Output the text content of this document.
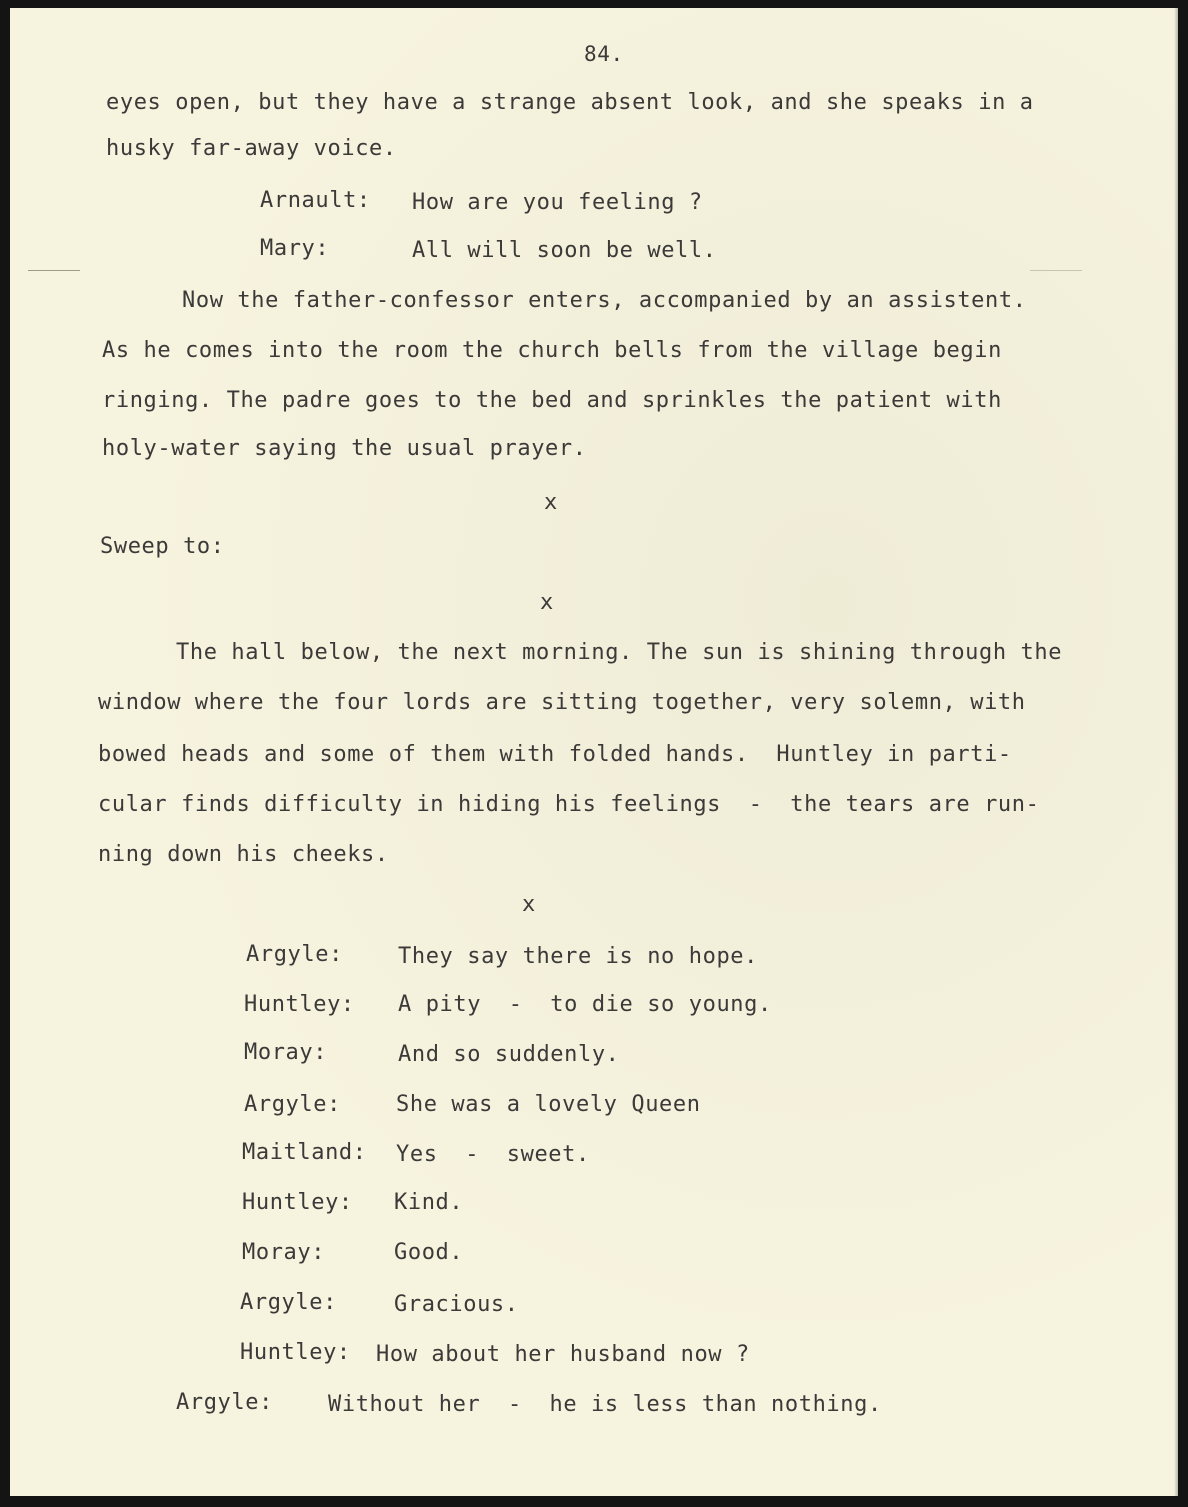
84.
eyes open, but they have a strange absent look, and she speaks in a
husky far-away voice.

Arnault:

How are you feeling ?

Mary:

	All will soon be well.

Now the father-confessor enters, accompanied by an assistent.
As he comes into the room the church bells from the village begin
ringing. The padre goes to the bed and sprinkles the patient with
holy-water saying the usual prayer.
x
Sweep to:
x
The hall below, the next morning. The sun is shining through the
window where the four lords are sitting together, very solemn, with
bowed heads and some of them with folded hands.  Huntley in parti-
cular finds difficulty in hiding his feelings  -  the tears are run-
ning down his cheeks.
x

Argyle:

	They say there is no hope.

Huntley:

A pity  -  to die so young.

Moray:

	And so suddenly.

Argyle:

	She was a lovely Queen

Maitland:

Yes  -  sweet.

Huntley:

Kind.

Moray:

	Good.

Argyle:

	Gracious.

Huntley:

How about her husband now ?

Argyle:

	Without her  -  he is less than nothing.
